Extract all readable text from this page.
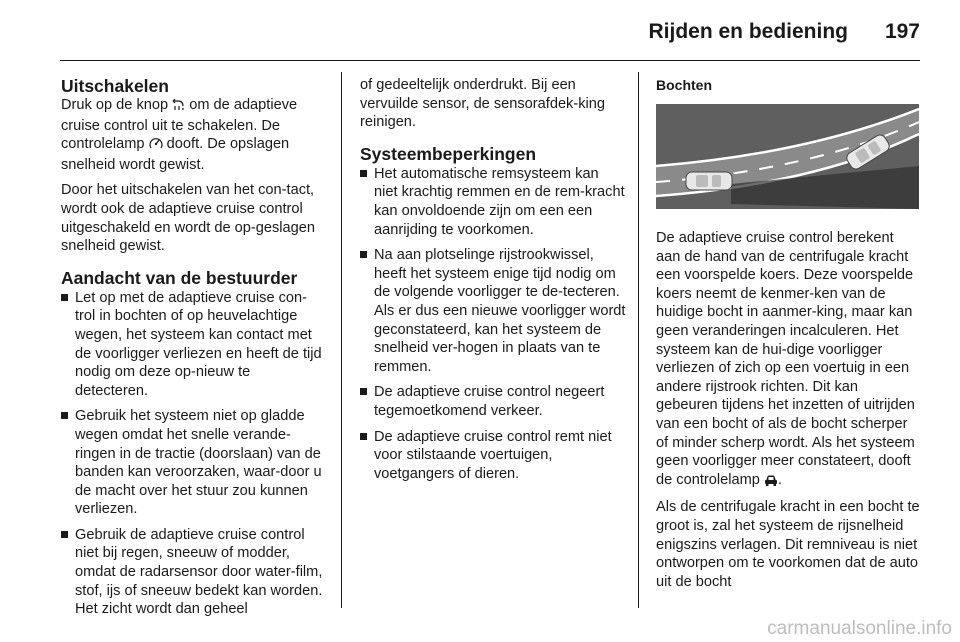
Rijden en bediening 197
Uitschakelen

Druk op de knop  om de adaptieve cruise control uit te schakelen. De controlelamp  dooft. De opslagen snelheid wordt gewist.

Door het uitschakelen van het con-tact, wordt ook de adaptieve cruise control uitgeschakeld en wordt de op-geslagen snelheid gewist.

Aandacht van de bestuurder
Let op met de adaptieve cruise con-trol in bochten of op heuvelachtige wegen, het systeem kan contact met de voorligger verliezen en heeft de tijd nodig om deze op-nieuw te detecteren.
Gebruik het systeem niet op gladde wegen omdat het snelle verande-ringen in de tractie (doorslaan) van de banden kan veroorzaken, waar-door u de macht over het stuur zou kunnen verliezen.
Gebruik de adaptieve cruise control niet bij regen, sneeuw of modder, omdat de radarsensor door water-film, stof, ijs of sneeuw bedekt kan worden. Het zicht wordt dan geheel

of gedeeltelijk onderdrukt. Bij een vervuilde sensor, de sensorafdek-king reinigen.

Systeembeperkingen
Het automatische remsysteem kan niet krachtig remmen en de rem-kracht kan onvoldoende zijn om een een aanrijding te voorkomen.
Na aan plotselinge rijstrookwissel, heeft het systeem enige tijd nodig om de volgende voorligger te de-tecteren. Als er dus een nieuwe voorligger wordt geconstateerd, kan het systeem de snelheid ver-hogen in plaats van te remmen.
De adaptieve cruise control negeert tegemoetkomend verkeer.
De adaptieve cruise control remt niet voor stilstaande voertuigen, voetgangers of dieren.
Bochten

De adaptieve cruise control berekent aan de hand van de centrifugale kracht een voorspelde koers. Deze voorspelde koers neemt de kenmer-ken van de huidige bocht in aanmer-king, maar kan geen veranderingen incalculeren. Het systeem kan de hui-dige voorligger verliezen of zich op een voertuig in een andere rijstrook richten. Dit kan gebeuren tijdens het inzetten of uitrijden van een bocht of als de bocht scherper of minder scherp wordt. Als het systeem geen voorligger meer constateert, dooft de controlelamp .

Als de centrifugale kracht in een bocht te groot is, zal het systeem de rijsnelheid enigszins verlagen. Dit remniveau is niet ontworpen om te voorkomen dat de auto uit de bocht

carmanualsonline.info
